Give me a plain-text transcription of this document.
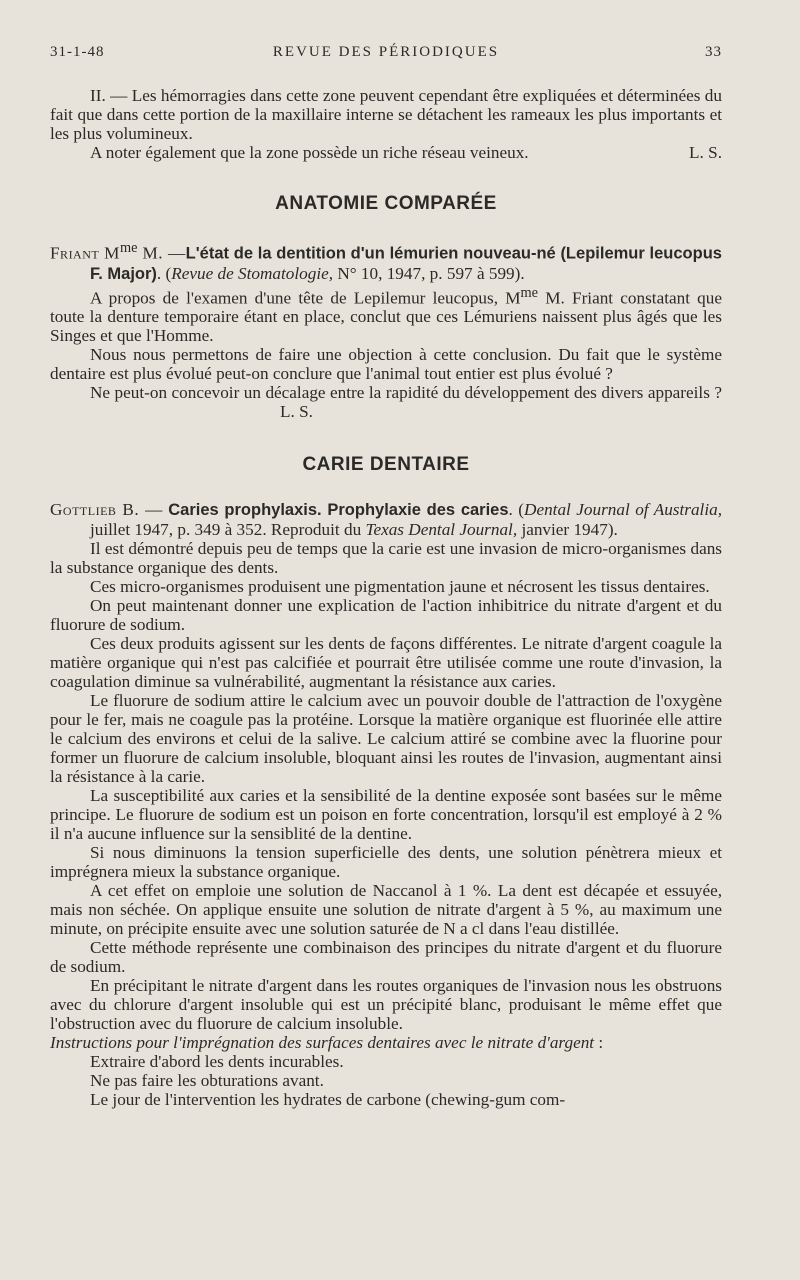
31-1-48	REVUE DES PÉRIODIQUES	33

II. — Les hémorragies dans cette zone peuvent cependant être expliquées et déterminées du fait que dans cette portion de la maxillaire interne se détachent les rameaux les plus importants et les plus volumineux.

A noter également que la zone possède un riche réseau veineux.	L. S.

ANATOMIE COMPARÉE

Friant $M^{me}$ M. —L'état de la dentition d'un lémurien nouveau-né (Lepilemur leucopus F. Major). (Revue de Stomatologie, N° 10, 1947, p. 597 à 599).

A propos de l'examen d'une tête de Lepilemur leucopus, $M^{me}$ M. Friant constatant que toute la denture temporaire étant en place, conclut que ces Lémuriens naissent plus âgés que les Singes et que l'Homme.

Nous nous permettons de faire une objection à cette conclusion. Du fait que le système dentaire est plus évolué peut-on conclure que l'animal tout entier est plus évolué ?

Ne peut-on concevoir un décalage entre la rapidité du développement des divers appareils ?L. S.

CARIE DENTAIRE

Gottlieb B. — Caries prophylaxis. Prophylaxie des caries. (Dental Journal of Australia, juillet 1947, p. 349 à 352. Reproduit du Texas Dental Journal, janvier 1947).

Il est démontré depuis peu de temps que la carie est une invasion de micro-organismes dans la substance organique des dents.

Ces micro-organismes produisent une pigmentation jaune et nécrosent les tissus dentaires.

On peut maintenant donner une explication de l'action inhibitrice du nitrate d'argent et du fluorure de sodium.

Ces deux produits agissent sur les dents de façons différentes. Le nitrate d'argent coagule la matière organique qui n'est pas calcifiée et pourrait être utilisée comme une route d'invasion, la coagulation diminue sa vulnérabilité, augmentant la résistance aux caries.

Le fluorure de sodium attire le calcium avec un pouvoir double de l'attraction de l'oxygène pour le fer, mais ne coagule pas la protéine. Lorsque la matière organique est fluorinée elle attire le calcium des environs et celui de la salive. Le calcium attiré se combine avec la fluorine pour former un fluorure de calcium insoluble, bloquant ainsi les routes de l'invasion, augmentant ainsi la résistance à la carie.

La susceptibilité aux caries et la sensibilité de la dentine exposée sont basées sur le même principe. Le fluorure de sodium est un poison en forte concentration, lorsqu'il est employé à 2 % il n'a aucune influence sur la sensiblité de la dentine.

Si nous diminuons la tension superficielle des dents, une solution pénètrera mieux et imprégnera mieux la substance organique.

A cet effet on emploie une solution de Naccanol à 1 %. La dent est décapée et essuyée, mais non séchée. On applique ensuite une solution de nitrate d'argent à 5 %, au maximum une minute, on précipite ensuite avec une solution saturée de N a cl dans l'eau distillée.

Cette méthode représente une combinaison des principes du nitrate d'argent et du fluorure de sodium.

En précipitant le nitrate d'argent dans les routes organiques de l'invasion nous les obstruons avec du chlorure d'argent insoluble qui est un précipité blanc, produisant le même effet que l'obstruction avec du fluorure de calcium insoluble.

Instructions pour l'imprégnation des surfaces dentaires avec le nitrate d'argent :

Extraire d'abord les dents incurables.

Ne pas faire les obturations avant.

Le jour de l'intervention les hydrates de carbone (chewing-gum com-
